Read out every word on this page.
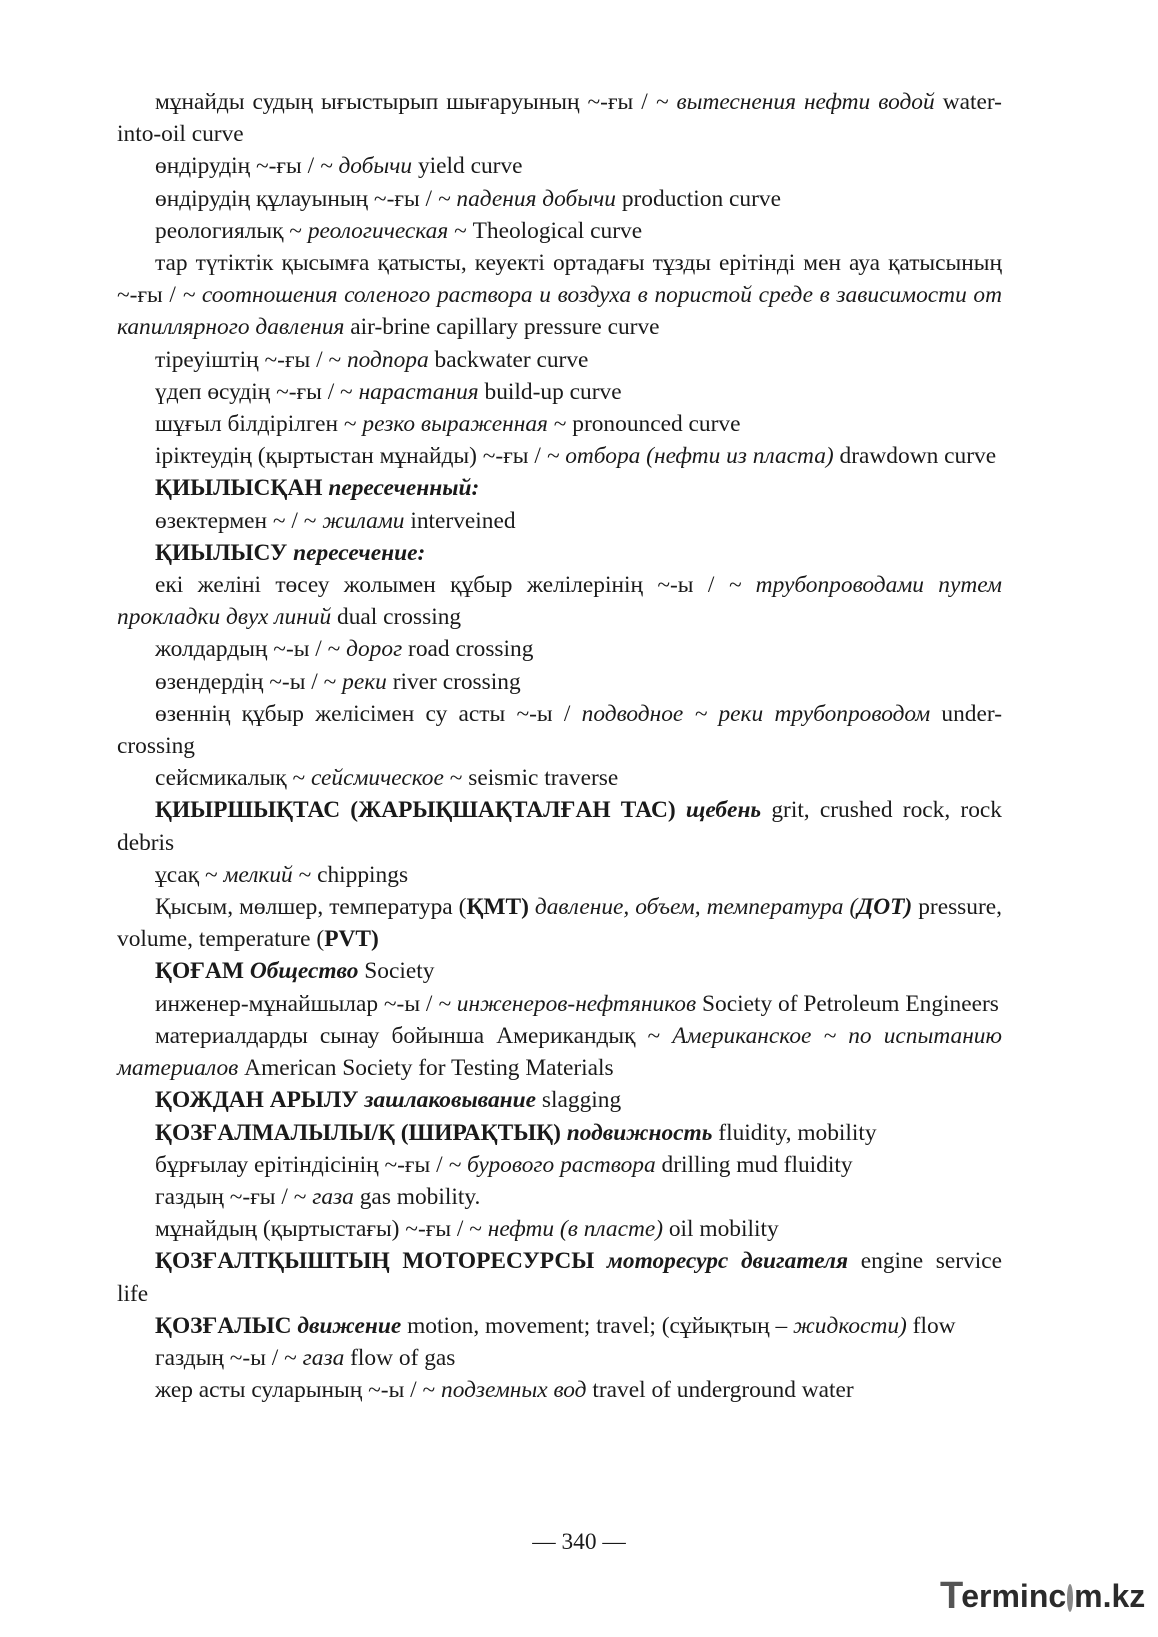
мұнайды судың ығыстырып шығаруының ~-ғы / ~ вытеснения нефти водой water-into-oil curve

өндірудің ~-ғы / ~ добычи yield curve

өндірудің құлауының ~-ғы / ~ падения добычи production curve

реологиялық ~ реологическая ~ Theological curve

тар түтіктік қысымға қатысты, кеуекті ортадағы тұзды ерітінді мен ауа қатысының ~-ғы / ~ соотношения соленого раствора и воздуха в пористой среде в зависимости от капиллярного давления air-brine capillary pressure curve

тіреуіштің ~-ғы / ~ подпора backwater curve

үдеп өсудің ~-ғы / ~ нарастания build-up curve

шұғыл білдірілген ~ резко выраженная ~ pronounced curve

іріктеудің (қыртыстан мұнайды) ~-ғы / ~ отбора (нефти из пласта) drawdown curve

ҚИЫЛЫСҚАН пересеченный:

өзектермен ~ / ~ жилами interveined

ҚИЫЛЫСУ пересечение:

екі желіні төсеу жолымен құбыр желілерінің ~-ы / ~ трубопроводами путем прокладки двух линий dual crossing

жолдардың ~-ы / ~ дорог road crossing

өзендердің ~-ы / ~ реки river crossing

өзеннің құбыр желісімен су асты ~-ы / подводное ~ реки трубопроводом under-crossing

сейсмикалық ~ сейсмическое ~ seismic traverse

ҚИЫРШЫҚТАС (ЖАРЫҚШАҚТАЛҒАН ТАС) щебень grit, crushed rock, rock debris

ұсақ ~ мелкий ~ chippings

Қысым, мөлшер, температура (ҚМТ) давление, объем, температура (ДОТ) pressure, volume, temperature (PVT)

ҚОҒАМ Общество Society

инженер-мұнайшылар ~-ы / ~ инженеров-нефтяников Society of Petroleum Engineers

материалдарды сынау бойынша Американдық ~ Американское ~ по испытанию материалов American Society for Testing Materials

ҚОЖДАН АРЫЛУ зашлаковывание slagging

ҚОЗҒАЛМАЛЫЛЫ/Қ (ШИРАҚТЫҚ) подвижность fluidity, mobility

бұрғылау ерітіндісінің ~-ғы / ~ бурового раствора drilling mud fluidity

газдың ~-ғы / ~ газа gas mobility.

мұнайдың (қыртыстағы) ~-ғы / ~ нефти (в пласте) oil mobility

ҚОЗҒАЛТҚЫШТЫҢ МОТОРЕСУРСЫ моторесурс двигателя engine service life

ҚОЗҒАЛЫС движение motion, movement; travel; (сұйықтың – жидкости) flow

газдың ~-ы / ~ газа flow of gas

жер асты суларының ~-ы / ~ подземных вод travel of underground water

— 340 —
T
erminc m.kz
